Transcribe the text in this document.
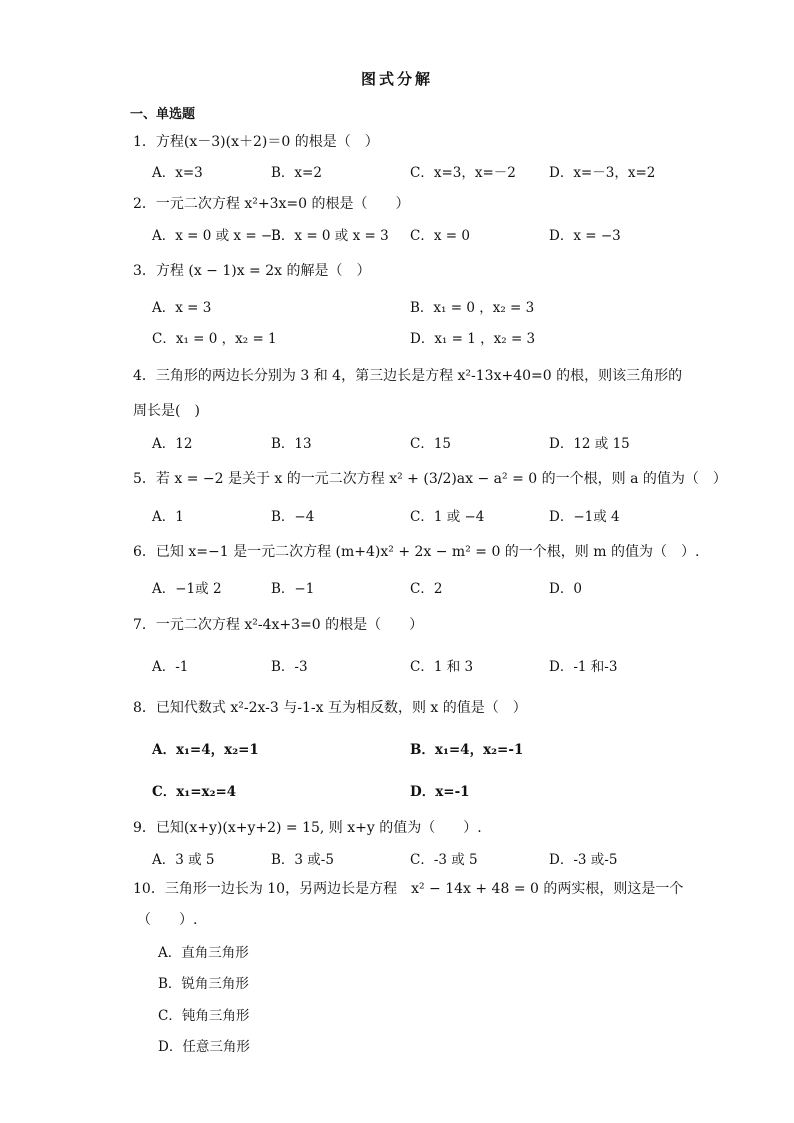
图式分解
一、单选题
1．方程(x－3)(x＋2)＝0 的根是（　）
A．x=3	B．x=2	C．x=3，x=－2 D．x=－3，x=2
2．一元二次方程 x²+3x=0 的根是（　　）
A．x = 0 或 x = −3
B．x = 0 或 x = 3 C．x = 0	D．x = −3
3．方程 (x − 1)x = 2x 的解是（　）
A．x = 3	B．x₁ = 0 ，x₂ = 3
C．x₁ = 0 ，x₂ = 1	D．x₁ = 1 ，x₂ = 3
4．三角形的两边长分别为 3 和 4，第三边长是方程 x²-13x+40=0 的根，则该三角形的
周长是(　)
A．12	B．13	C．15	D．12 或 15
5．若 x = −2 是关于 x 的一元二次方程 x² + (3/2)ax − a² = 0 的一个根，则 a 的值为（　）
A．1	B．−4	C．1 或 −4	D．−1或 4
6．已知 x=−1 是一元二次方程 (m+4)x² + 2x − m² = 0 的一个根，则 m 的值为（　）.
A．−1或 2	B．−1	C．2	D．0
7．一元二次方程 x²-4x+3=0 的根是（　　）
A．-1	B．-3	C．1 和 3	D．-1 和-3
8．已知代数式 x²-2x-3 与-1-x 互为相反数，则 x 的值是（　）
A．x₁=4，x₂=1	B．x₁=4，x₂=-1
C．x₁=x₂=4	D．x=-1
9．已知(x+y)(x+y+2) = 15, 则 x+y 的值为（　　）.
A．3 或 5	B．3 或-5	C．-3 或 5	D．-3 或-5
10．三角形一边长为 10，另两边长是方程　x² − 14x + 48 = 0 的两实根，则这是一个
（　　）.
A．直角三角形
B．锐角三角形
C．钝角三角形
D．任意三角形
